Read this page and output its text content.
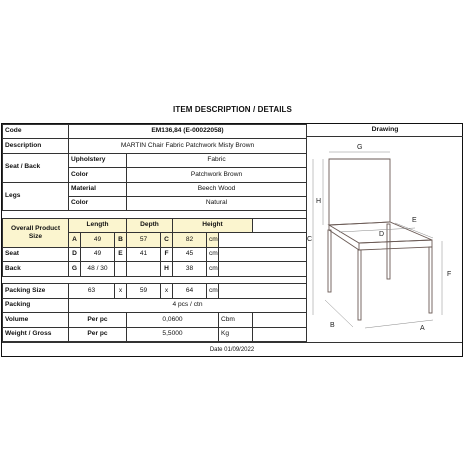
ITEM DESCRIPTION / DETAILS
Code	EM136,84 (E-00022058)								
Description	MARTIN Chair Fabric Patchwork Misty Brown								
Seat / Back	Upholstery			Fabric					
	Color			Patchwork Brown					
Legs	Material			Beech Wood					
	Color			Natural					

Overall Product
Size	Length			Depth		Height			
	A	49	B	57	C	82	cm		
Seat	D	49	E	41	F	45	cm		
Back	G	48 / 30			H	38	cm		

Packing Size	63		x	59	x	64	cm		
Packing	4 pcs / ctn								
Volume	Per pc			0,0600				Cbm	
Weight / Gross	Per pc			5,5000				Kg	
Drawing
G
H
C
D
E
F
B	A
Date 01/09/2022
